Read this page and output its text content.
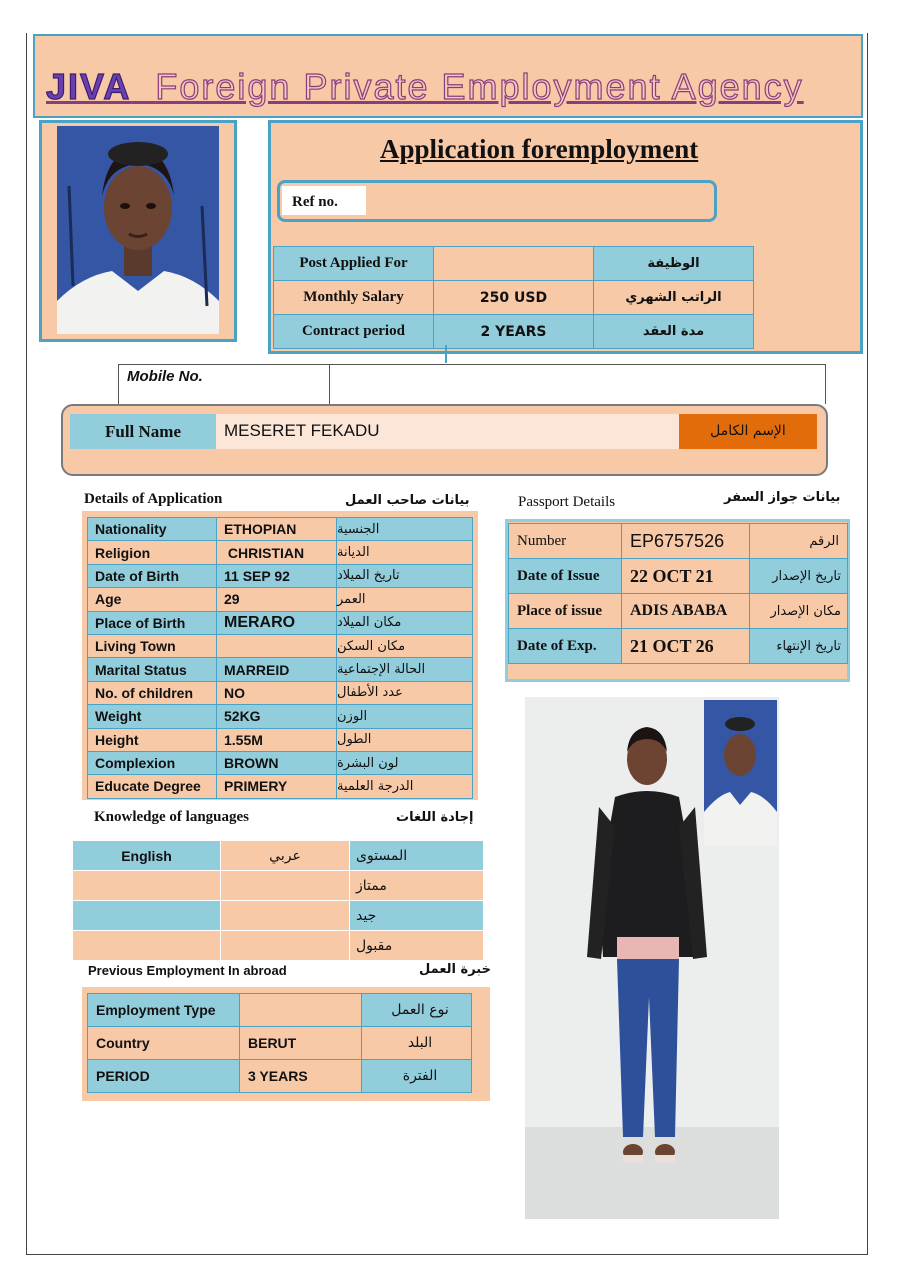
JIVA Foreign Private Employment Agency
Application foremployment
Ref no.
Post Applied For		الوظيفة
Monthly Salary	250 USD	الراتب الشهري
Contract period	2 YEARS	مدة العقد
Mobile No.
Full Name	MESERET FEKADU	الإسم الكامل
Details of Application	بيانات صاحب العمل
Nationality	ETHOPIAN	الجنسية
Religion	CHRISTIAN	الديانة
Date of Birth	11 SEP 92	تاريخ الميلاد
Age	29	العمر
Place of Birth	MERARO	مكان الميلاد
Living Town		مكان السكن
Marital Status	MARREID	الحالة الإجتماعية
No. of children	NO	عدد الأطفال
Weight	52KG	الوزن
Height	1.55M	الطول
Complexion	BROWN	لون البشرة
Educate Degree	PRIMERY	الدرجة العلمية
Knowledge of languages	إجادة اللغات
English	عربي	المستوى
		ممتاز
		جيد
		مقبول
Previous Employment In abroad	خبرة العمل
Employment Type		نوع العمل
Country	BERUT	البلد
PERIOD	3 YEARS	الفترة
Passport Details	بيانات جواز السفر
Number	EP6757526	الرقم
Date of Issue	22 OCT 21	تاريخ الإصدار
Place of issue	ADIS ABABA	مكان الإصدار
Date of Exp.	21 OCT 26	تاريخ الإنتهاء
